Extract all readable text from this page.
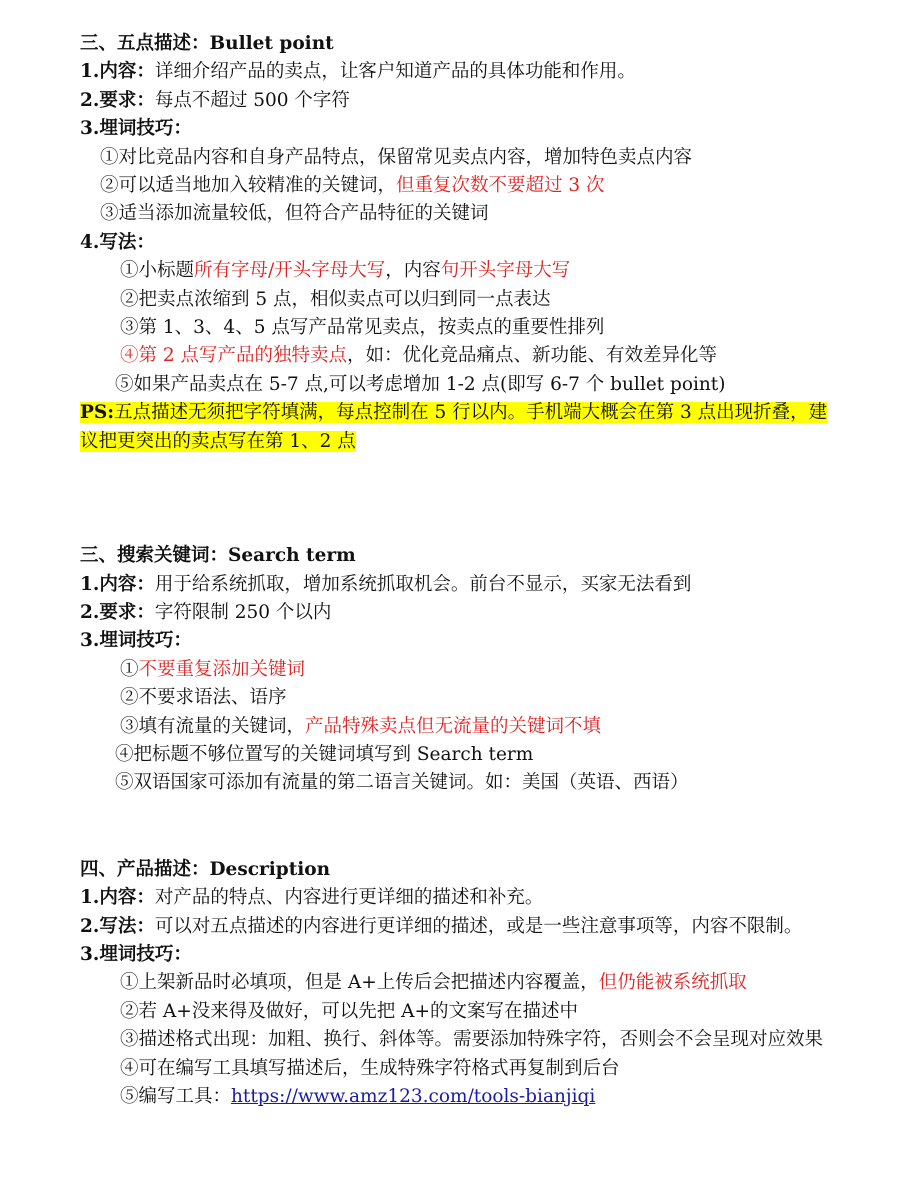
三、五点描述：Bullet point
1.内容：详细介绍产品的卖点，让客户知道产品的具体功能和作用。
2.要求：每点不超过 500 个字符
3.埋词技巧：
①对比竞品内容和自身产品特点，保留常见卖点内容，增加特色卖点内容
②可以适当地加入较精准的关键词，但重复次数不要超过 3 次
③适当添加流量较低，但符合产品特征的关键词
4.写法：
①小标题所有字母/开头字母大写，内容句开头字母大写
②把卖点浓缩到 5 点，相似卖点可以归到同一点表达
③第 1、3、4、5 点写产品常见卖点，按卖点的重要性排列
④第 2 点写产品的独特卖点，如：优化竞品痛点、新功能、有效差异化等
⑤如果产品卖点在 5-7 点,可以考虑增加 1-2 点(即写 6-7 个 bullet point)
PS:五点描述无须把字符填满，每点控制在 5 行以内。手机端大概会在第 3 点出现折叠，建议把更突出的卖点写在第 1、2 点
三、搜索关键词：Search term
1.内容：用于给系统抓取，增加系统抓取机会。前台不显示，买家无法看到
2.要求：字符限制 250 个以内
3.埋词技巧：
①不要重复添加关键词
②不要求语法、语序
③填有流量的关键词，产品特殊卖点但无流量的关键词不填
④把标题不够位置写的关键词填写到 Search term
⑤双语国家可添加有流量的第二语言关键词。如：美国（英语、西语）
四、产品描述：Description
1.内容：对产品的特点、内容进行更详细的描述和补充。
2.写法：可以对五点描述的内容进行更详细的描述，或是一些注意事项等，内容不限制。
3.埋词技巧：
①上架新品时必填项，但是 A+上传后会把描述内容覆盖，但仍能被系统抓取
②若 A+没来得及做好，可以先把 A+的文案写在描述中
③描述格式出现：加粗、换行、斜体等。需要添加特殊字符，否则会不会呈现对应效果
④可在编写工具填写描述后，生成特殊字符格式再复制到后台
⑤编写工具：https://www.amz123.com/tools-bianjiqi
